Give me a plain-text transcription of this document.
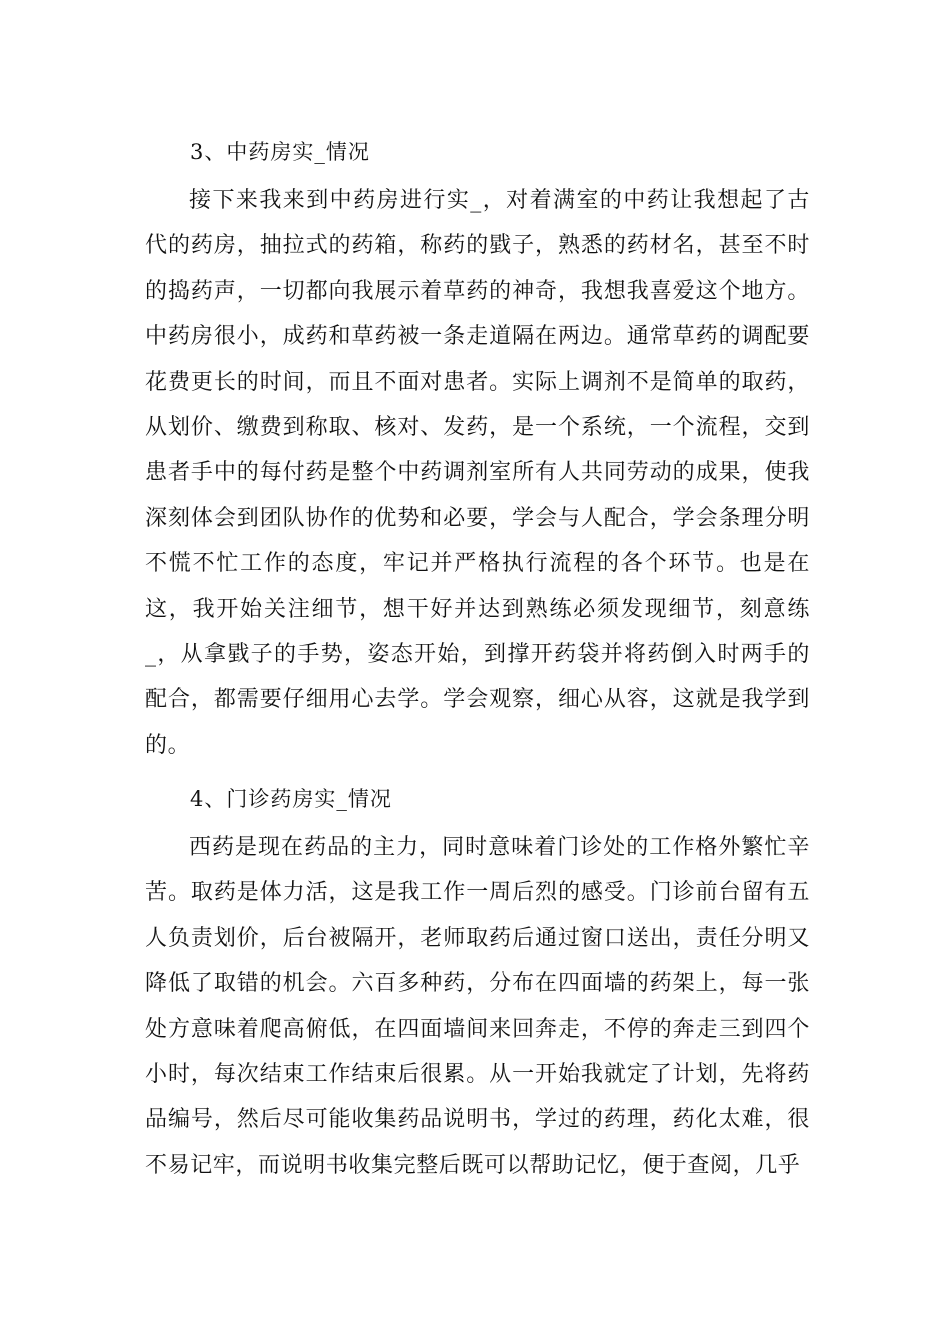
3、中药房实_情况

接下来我来到中药房进行实_，对着满室的中药让我想起了古代的药房，抽拉式的药箱，称药的戥子，熟悉的药材名，甚至不时的捣药声，一切都向我展示着草药的神奇，我想我喜爱这个地方。中药房很小，成药和草药被一条走道隔在两边。通常草药的调配要花费更长的时间，而且不面对患者。实际上调剂不是简单的取药，从划价、缴费到称取、核对、发药，是一个系统，一个流程，交到患者手中的每付药是整个中药调剂室所有人共同劳动的成果，使我深刻体会到团队协作的优势和必要，学会与人配合，学会条理分明不慌不忙工作的态度，牢记并严格执行流程的各个环节。也是在这，我开始关注细节，想干好并达到熟练必须发现细节，刻意练_，从拿戥子的手势，姿态开始，到撑开药袋并将药倒入时两手的配合，都需要仔细用心去学。学会观察，细心从容，这就是我学到的。

4、门诊药房实_情况

西药是现在药品的主力，同时意味着门诊处的工作格外繁忙辛苦。取药是体力活，这是我工作一周后烈的感受。门诊前台留有五人负责划价，后台被隔开，老师取药后通过窗口送出，责任分明又降低了取错的机会。六百多种药，分布在四面墙的药架上，每一张处方意味着爬高俯低，在四面墙间来回奔走，不停的奔走三到四个小时，每次结束工作结束后很累。从一开始我就定了计划，先将药品编号，然后尽可能收集药品说明书，学过的药理，药化太难，很不易记牢，而说明书收集完整后既可以帮助记忆，便于查阅，几乎
